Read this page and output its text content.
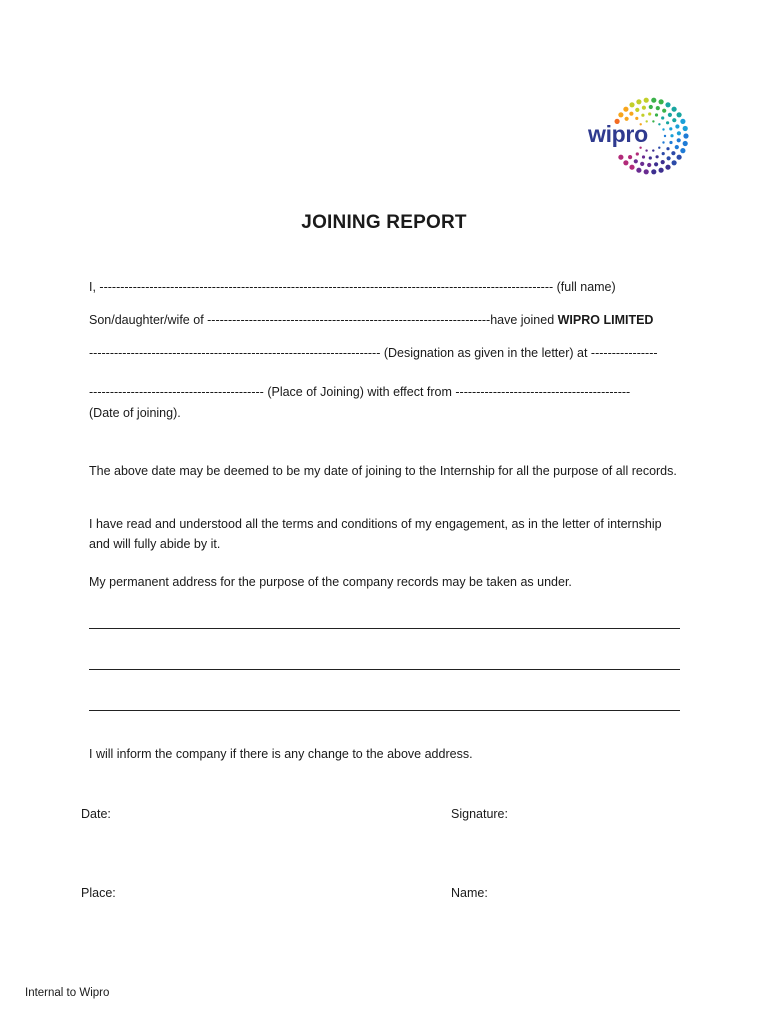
wipro
JOINING REPORT
I, ------------------------------------------------------------------------------------------------------------- (full name)
Son/daughter/wife of --------------------------------------------------------------------have joined WIPRO LIMITED
---------------------------------------------------------------------- (Designation as given in the letter) at ----------------
------------------------------------------ (Place of Joining) with effect from ------------------------------------------
(Date of joining).
The above date may be deemed to be my date of joining to the Internship for all the purpose of all records.
I have read and understood all the terms and conditions of my engagement, as in the letter of internship and will fully abide by it.
My permanent address for the purpose of the company records may be taken as under.
I will inform the company if there is any change to the above address.
Date:	Signature:
Place:	Name:
Internal to Wipro
